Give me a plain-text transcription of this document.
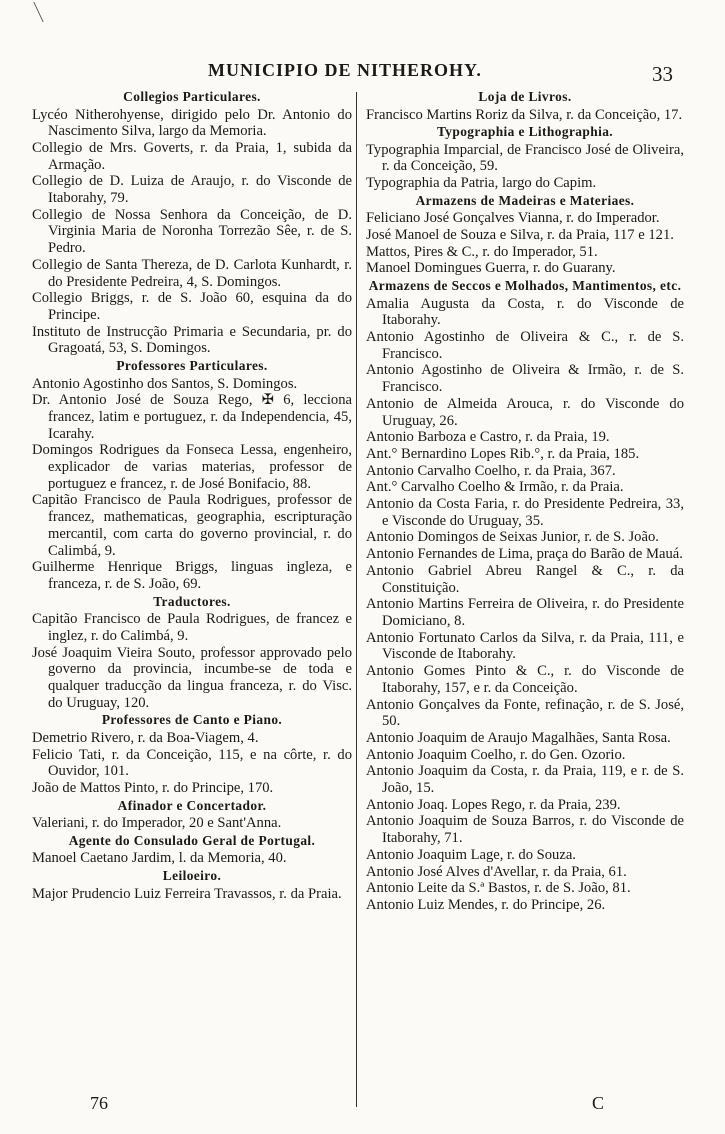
MUNICIPIO DE NITHEROHY.	33

Collegios Particulares.

Lycéo Nitherohyense, dirigido pelo Dr. Antonio do Nascimento Silva, largo da Memoria.

Collegio de Mrs. Goverts, r. da Praia, 1, subida da Armação.

Collegio de D. Luiza de Araujo, r. do Visconde de Itaborahy, 79.

Collegio de Nossa Senhora da Conceição, de D. Virginia Maria de Noronha Torrezão Sêe, r. de S. Pedro.

Collegio de Santa Thereza, de D. Carlota Kunhardt, r. do Presidente Pedreira, 4, S. Domingos.

Collegio Briggs, r. de S. João 60, esquina da do Principe.

Instituto de Instrucção Primaria e Secundaria, pr. do Gragoatá, 53, S. Domingos.

Professores Particulares.

Antonio Agostinho dos Santos, S. Domingos.

Dr. Antonio José de Souza Rego, ✠ 6, lecciona francez, latim e portuguez, r. da Independencia, 45, Icarahy.

Domingos Rodrigues da Fonseca Lessa, engenheiro, explicador de varias materias, professor de portuguez e francez, r. de José Bonifacio, 88.

Capitão Francisco de Paula Rodrigues, professor de francez, mathematicas, geographia, escripturação mercantil, com carta do governo provincial, r. do Calimbá, 9.

Guilherme Henrique Briggs, linguas ingleza, e franceza, r. de S. João, 69.

Traductores.

Capitão Francisco de Paula Rodrigues, de francez e inglez, r. do Calimbá, 9.

José Joaquim Vieira Souto, professor approvado pelo governo da provincia, incumbe-se de toda e qualquer traducção da lingua franceza, r. do Visc. do Uruguay, 120.

Professores de Canto e Piano.

Demetrio Rivero, r. da Boa-Viagem, 4.

Felicio Tati, r. da Conceição, 115, e na côrte, r. do Ouvidor, 101.

João de Mattos Pinto, r. do Principe, 170.

Afinador e Concertador.

Valeriani, r. do Imperador, 20 e Sant'Anna.

Agente do Consulado Geral de Portugal.

Manoel Caetano Jardim, l. da Memoria, 40.

Leiloeiro.

Major Prudencio Luiz Ferreira Travassos, r. da Praia.

Loja de Livros.

Francisco Martins Roriz da Silva, r. da Conceição, 17.

Typographia e Lithographia.

Typographia Imparcial, de Francisco José de Oliveira, r. da Conceição, 59.

Typographia da Patria, largo do Capim.

Armazens de Madeiras e Materiaes.

Feliciano José Gonçalves Vianna, r. do Imperador.

José Manoel de Souza e Silva, r. da Praia, 117 e 121.

Mattos, Pires & C., r. do Imperador, 51.

Manoel Domingues Guerra, r. do Guarany.

Armazens de Seccos e Molhados, Mantimentos, etc.

Amalia Augusta da Costa, r. do Visconde de Itaborahy.

Antonio Agostinho de Oliveira & C., r. de S. Francisco.

Antonio Agostinho de Oliveira & Irmão, r. de S. Francisco.

Antonio de Almeida Arouca, r. do Visconde do Uruguay, 26.

Antonio Barboza e Castro, r. da Praia, 19.

Ant.° Bernardino Lopes Rib.°, r. da Praia, 185.

Antonio Carvalho Coelho, r. da Praia, 367.

Ant.° Carvalho Coelho & Irmão, r. da Praia.

Antonio da Costa Faria, r. do Presidente Pedreira, 33, e Visconde do Uruguay, 35.

Antonio Domingos de Seixas Junior, r. de S. João.

Antonio Fernandes de Lima, praça do Barão de Mauá.

Antonio Gabriel Abreu Rangel & C., r. da Constituição.

Antonio Martins Ferreira de Oliveira, r. do Presidente Domiciano, 8.

Antonio Fortunato Carlos da Silva, r. da Praia, 111, e Visconde de Itaborahy.

Antonio Gomes Pinto & C., r. do Visconde de Itaborahy, 157, e r. da Conceição.

Antonio Gonçalves da Fonte, refinação, r. de S. José, 50.

Antonio Joaquim de Araujo Magalhães, Santa Rosa.

Antonio Joaquim Coelho, r. do Gen. Ozorio.

Antonio Joaquim da Costa, r. da Praia, 119, e r. de S. João, 15.

Antonio Joaq. Lopes Rego, r. da Praia, 239.

Antonio Joaquim de Souza Barros, r. do Visconde de Itaborahy, 71.

Antonio Joaquim Lage, r. do Souza.

Antonio José Alves d'Avellar, r. da Praia, 61.

Antonio Leite da S.ª Bastos, r. de S. João, 81.

Antonio Luiz Mendes, r. do Principe, 26.

76	C
